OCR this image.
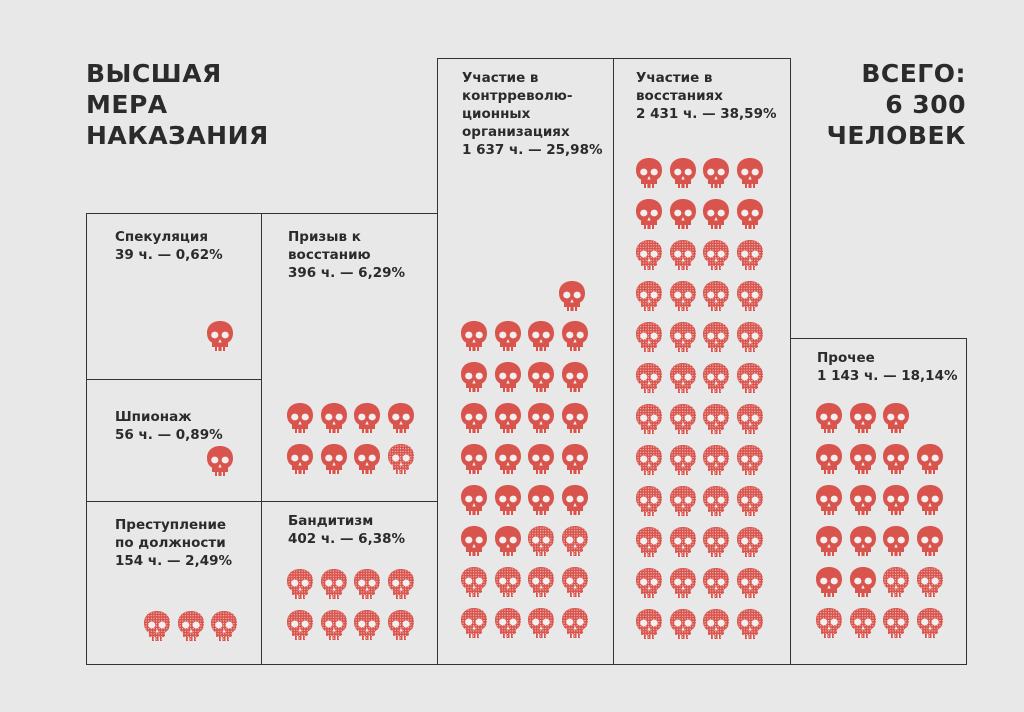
ВЫСШАЯ
МЕРА
НАКАЗАНИЯ
ВСЕГО:
6 300
ЧЕЛОВЕК
Спекуляция
39 ч. — 0,62%
Шпионаж
56 ч. — 0,89%
Преступление
по должности
154 ч. — 2,49%
Призыв к
восстанию
396 ч. — 6,29%
Бандитизм
402 ч. — 6,38%
Участие в
контрреволю-
ционных
организациях
1 637 ч. — 25,98%
Участие в
восстаниях
2 431 ч. — 38,59%
Прочее
1 143 ч. — 18,14%
